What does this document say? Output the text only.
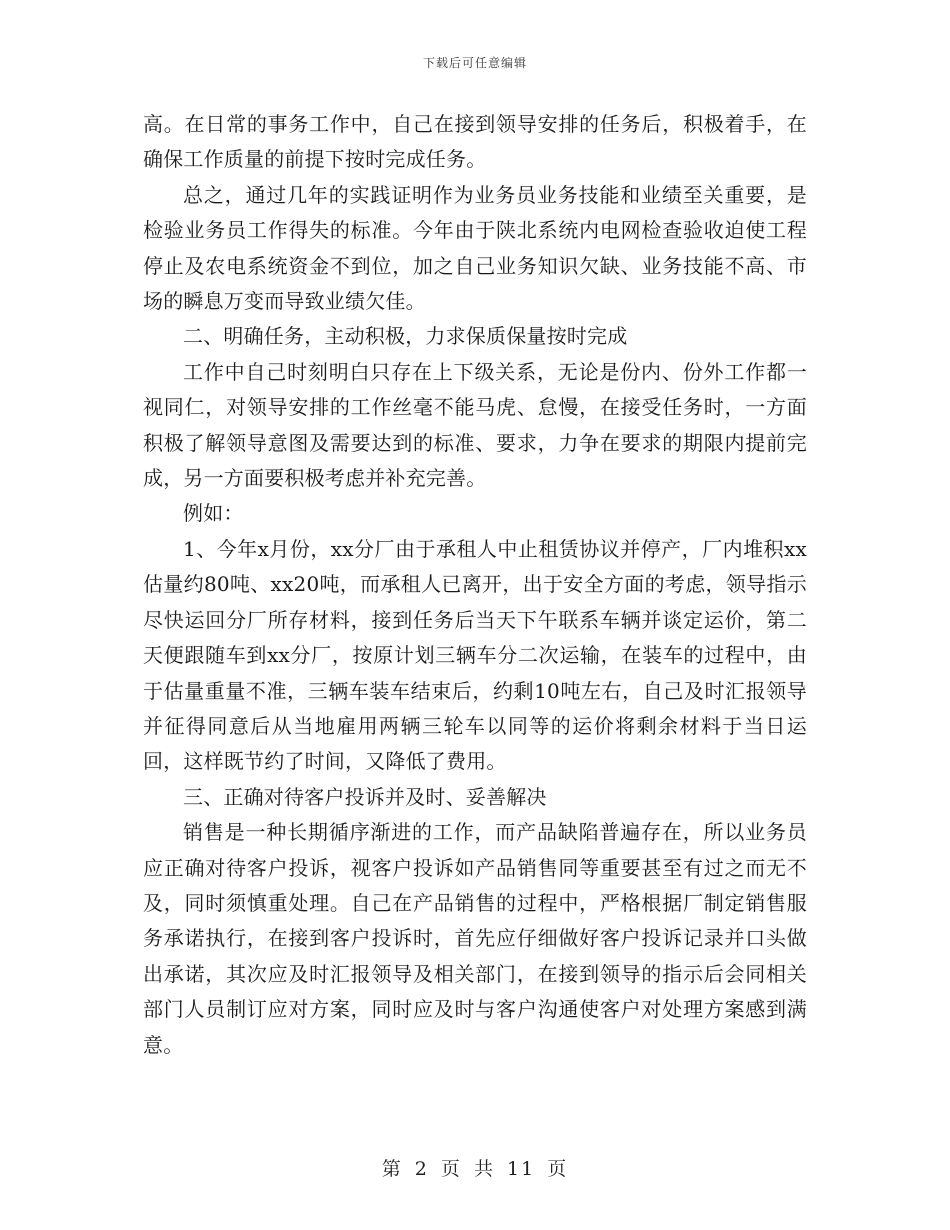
下载后可任意编辑

高。在日常的事务工作中，自己在接到领导安排的任务后，积极着手，在确保工作质量的前提下按时完成任务。

总之，通过几年的实践证明作为业务员业务技能和业绩至关重要，是检验业务员工作得失的标准。今年由于陕北系统内电网检查验收迫使工程停止及农电系统资金不到位，加之自己业务知识欠缺、业务技能不高、市场的瞬息万变而导致业绩欠佳。

二、明确任务，主动积极，力求保质保量按时完成

工作中自己时刻明白只存在上下级关系，无论是份内、份外工作都一视同仁，对领导安排的工作丝毫不能马虎、怠慢，在接受任务时，一方面积极了解领导意图及需要达到的标准、要求，力争在要求的期限内提前完成，另一方面要积极考虑并补充完善。

例如：

1、今年x月份，xx分厂由于承租人中止租赁协议并停产，厂内堆积xx估量约80吨、xx20吨，而承租人已离开，出于安全方面的考虑，领导指示尽快运回分厂所存材料，接到任务后当天下午联系车辆并谈定运价，第二天便跟随车到xx分厂，按原计划三辆车分二次运输，在装车的过程中，由于估量重量不准，三辆车装车结束后，约剩10吨左右，自己及时汇报领导并征得同意后从当地雇用两辆三轮车以同等的运价将剩余材料于当日运回，这样既节约了时间，又降低了费用。

三、正确对待客户投诉并及时、妥善解决

销售是一种长期循序渐进的工作，而产品缺陷普遍存在，所以业务员应正确对待客户投诉，视客户投诉如产品销售同等重要甚至有过之而无不及，同时须慎重处理。自己在产品销售的过程中，严格根据厂制定销售服务承诺执行，在接到客户投诉时，首先应仔细做好客户投诉记录并口头做出承诺，其次应及时汇报领导及相关部门，在接到领导的指示后会同相关部门人员制订应对方案，同时应及时与客户沟通使客户对处理方案感到满意。

第 2 页 共 11 页
